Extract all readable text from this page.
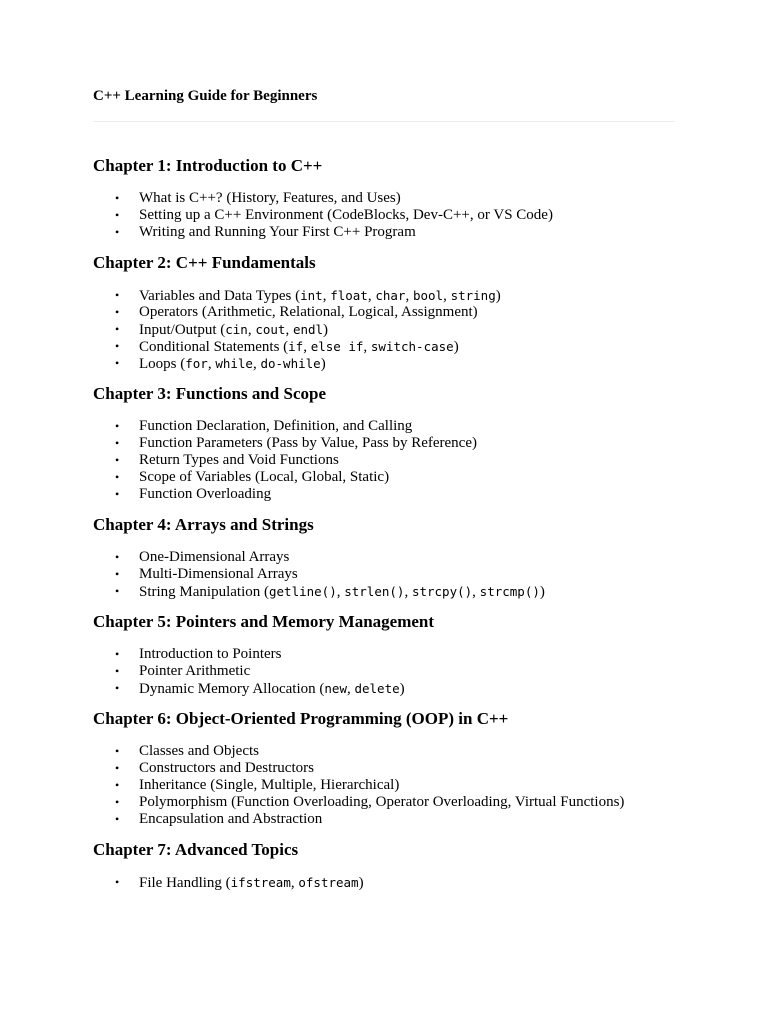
C++ Learning Guide for Beginners
Chapter 1: Introduction to C++
• What is C++? (History, Features, and Uses)
• Setting up a C++ Environment (CodeBlocks, Dev-C++, or VS Code)
• Writing and Running Your First C++ Program
Chapter 2: C++ Fundamentals
• Variables and Data Types (int, float, char, bool, string)
• Operators (Arithmetic, Relational, Logical, Assignment)
• Input/Output (cin, cout, endl)
• Conditional Statements (if, else if, switch-case)
• Loops (for, while, do-while)
Chapter 3: Functions and Scope
• Function Declaration, Definition, and Calling
• Function Parameters (Pass by Value, Pass by Reference)
• Return Types and Void Functions
• Scope of Variables (Local, Global, Static)
• Function Overloading
Chapter 4: Arrays and Strings
• One-Dimensional Arrays
• Multi-Dimensional Arrays
• String Manipulation (getline(), strlen(), strcpy(), strcmp())
Chapter 5: Pointers and Memory Management
• Introduction to Pointers
• Pointer Arithmetic
• Dynamic Memory Allocation (new, delete)
Chapter 6: Object-Oriented Programming (OOP) in C++
• Classes and Objects
• Constructors and Destructors
• Inheritance (Single, Multiple, Hierarchical)
• Polymorphism (Function Overloading, Operator Overloading, Virtual Functions)
• Encapsulation and Abstraction
Chapter 7: Advanced Topics
• File Handling (ifstream, ofstream)
